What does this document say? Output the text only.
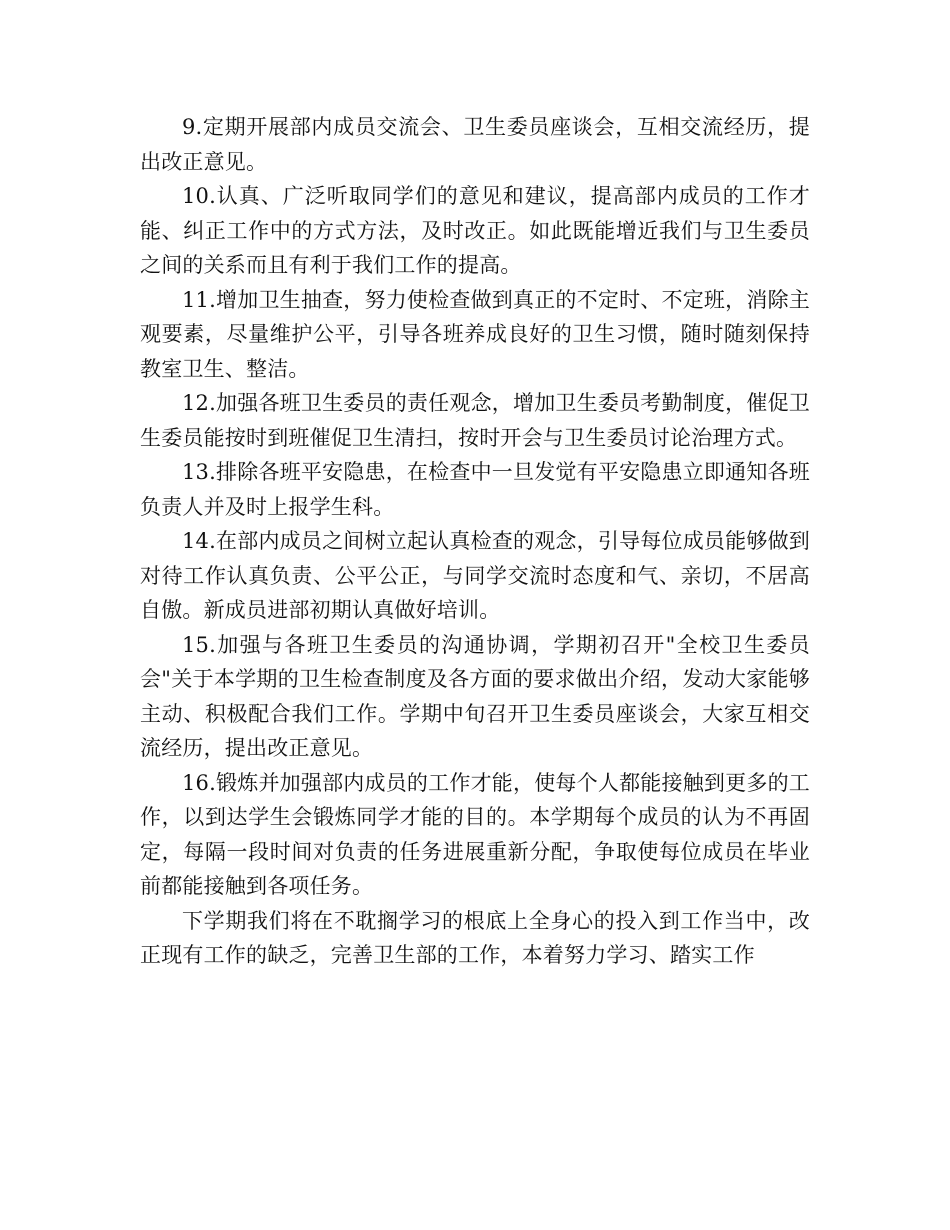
9.定期开展部内成员交流会、卫生委员座谈会，互相交流经历，提出改正意见。

10.认真、广泛听取同学们的意见和建议，提高部内成员的工作才能、纠正工作中的方式方法，及时改正。如此既能增近我们与卫生委员之间的关系而且有利于我们工作的提高。

11.增加卫生抽查，努力使检查做到真正的不定时、不定班，消除主观要素，尽量维护公平，引导各班养成良好的卫生习惯，随时随刻保持教室卫生、整洁。

12.加强各班卫生委员的责任观念，增加卫生委员考勤制度，催促卫生委员能按时到班催促卫生清扫，按时开会与卫生委员讨论治理方式。

13.排除各班平安隐患，在检查中一旦发觉有平安隐患立即通知各班负责人并及时上报学生科。

14.在部内成员之间树立起认真检查的观念，引导每位成员能够做到对待工作认真负责、公平公正，与同学交流时态度和气、亲切，不居高自傲。新成员进部初期认真做好培训。

15.加强与各班卫生委员的沟通协调，学期初召开"全校卫生委员会"关于本学期的卫生检查制度及各方面的要求做出介绍，发动大家能够主动、积极配合我们工作。学期中旬召开卫生委员座谈会，大家互相交流经历，提出改正意见。

16.锻炼并加强部内成员的工作才能，使每个人都能接触到更多的工作，以到达学生会锻炼同学才能的目的。本学期每个成员的认为不再固定，每隔一段时间对负责的任务进展重新分配，争取使每位成员在毕业前都能接触到各项任务。

下学期我们将在不耽搁学习的根底上全身心的投入到工作当中，改正现有工作的缺乏，完善卫生部的工作，本着努力学习、踏实工作
